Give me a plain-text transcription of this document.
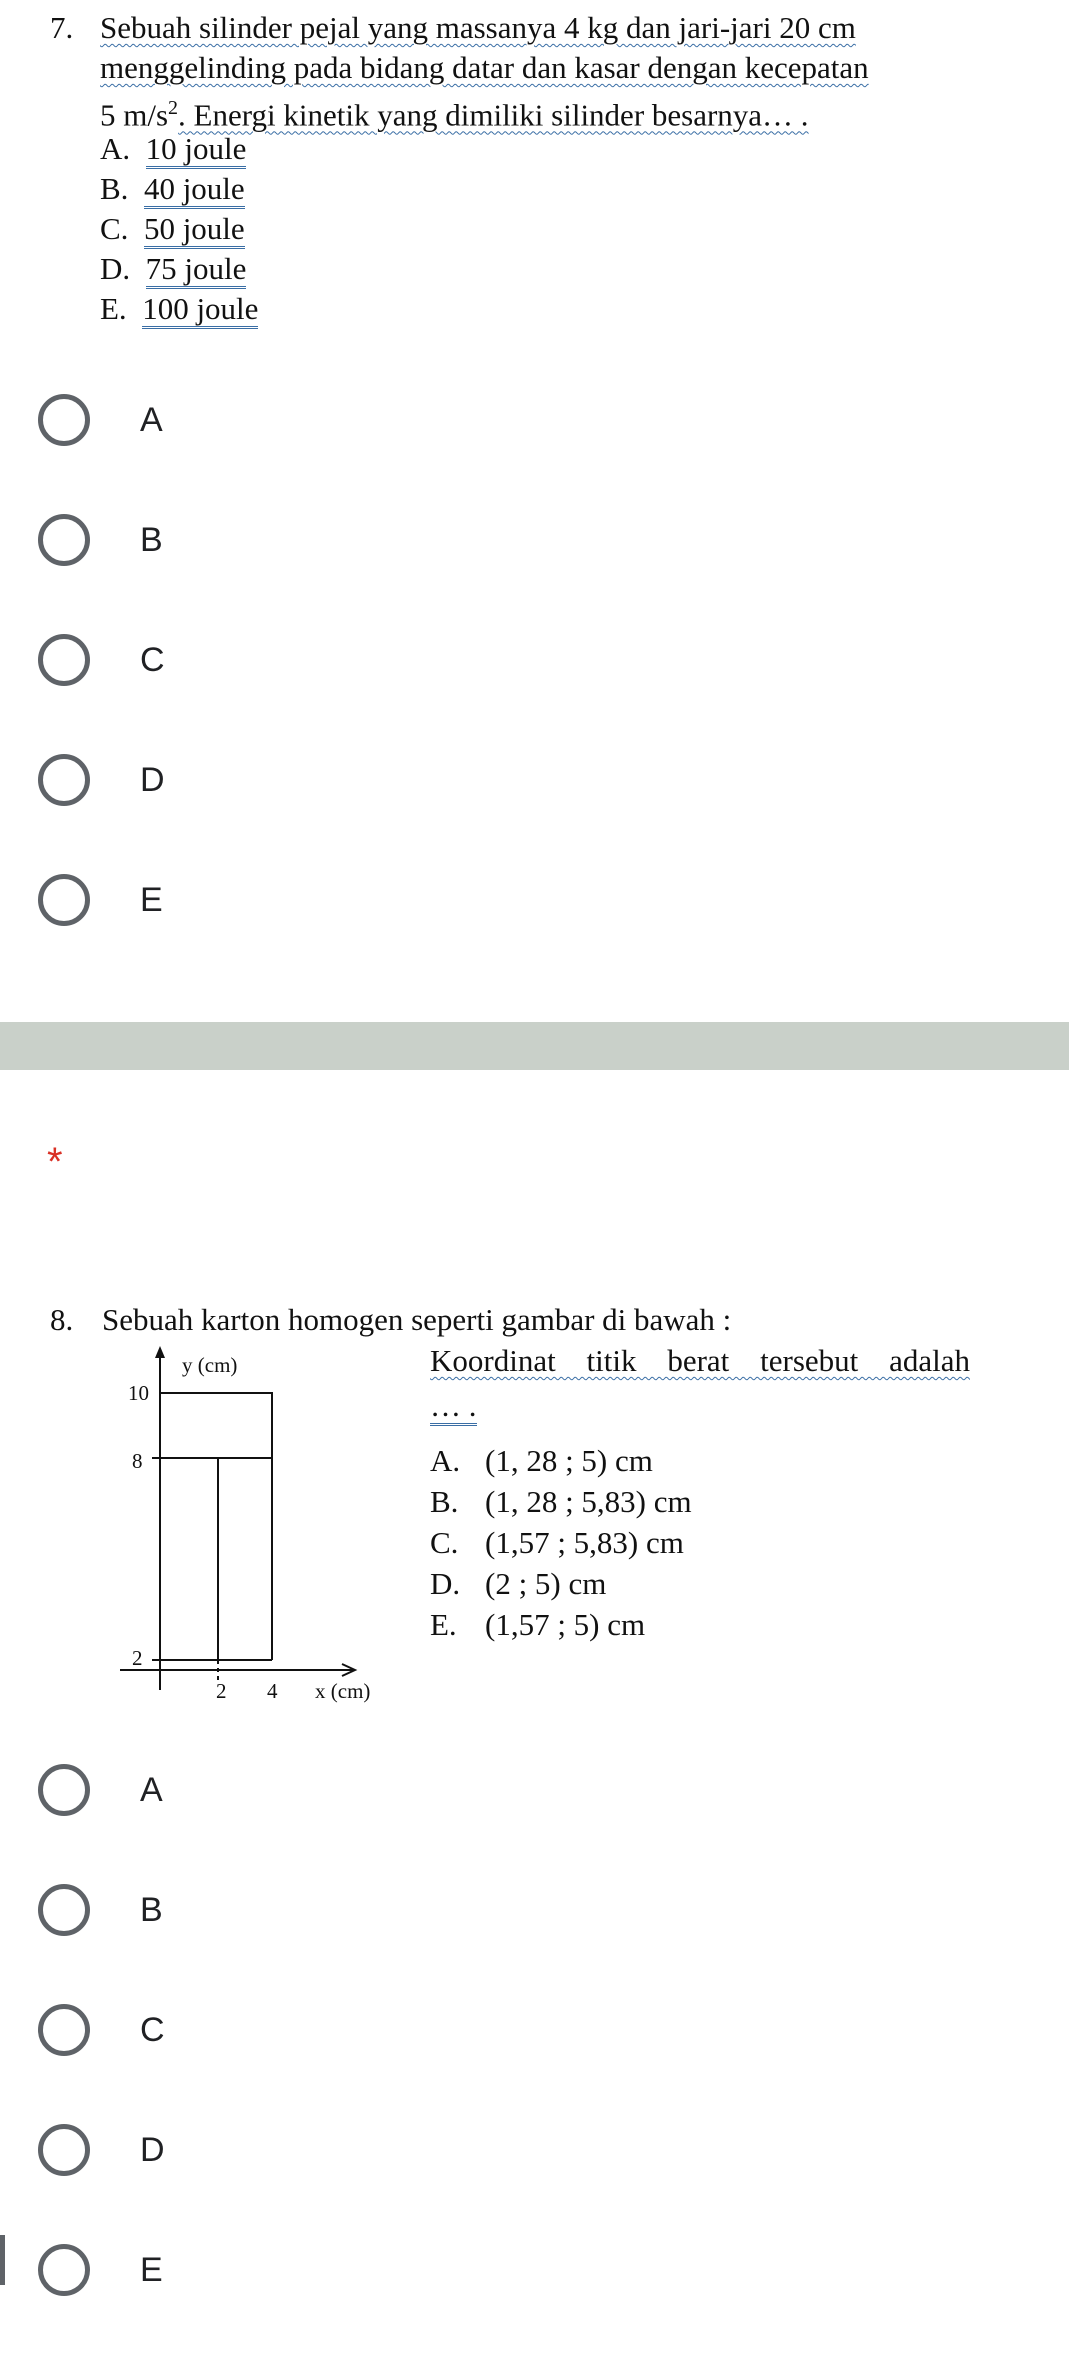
7. Sebuah silinder pejal yang massanya 4 kg dan jari-jari 20 cm
menggelinding pada bidang datar dan kasar dengan kecepatan
5 $m/s^2$. Energi kinetik yang dimiliki silinder besarnya… .
A. 10 joule
B. 40 joule
C. 50 joule
D. 75 joule
E. 100 joule
A
B
C
D
E
*
8. Sebuah karton homogen seperti gambar di bawah :
y (cm)
x (cm)
10
8
2
2 4
Koordinat titik berat tersebut adalah
… .
A. (1, 28 ; 5) cm
B. (1, 28 ; 5,83) cm
C. (1,57 ; 5,83) cm
D. (2 ; 5) cm
E. (1,57 ; 5) cm
A
B
C
D
E
